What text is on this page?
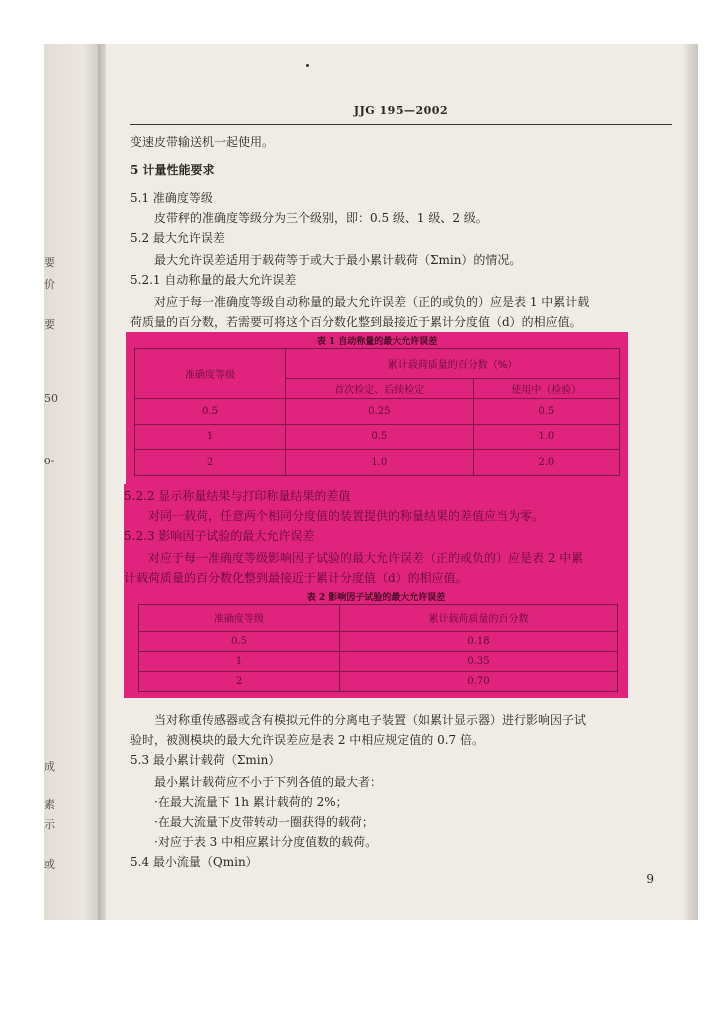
要
价
要
50
o-
成
素
示
或
JJG 195—2002
变速皮带输送机一起使用。
5 计量性能要求
5.1 准确度等级
皮带秤的准确度等级分为三个级别，即：0.5 级、1 级、2 级。
5.2 最大允许误差
最大允许误差适用于载荷等于或大于最小累计载荷（Σmin）的情况。
5.2.1 自动称量的最大允许误差
对应于每一准确度等级自动称量的最大允许误差（正的或负的）应是表 1 中累计载
荷质量的百分数，若需要可将这个百分数化整到最接近于累计分度值（d）的相应值。
表 1 自动称量的最大允许误差
准确度等级	累计载荷质量的百分数（%）	
	首次检定、后续检定	使用中（检验）
0.5	0.25	0.5
1	0.5	1.0
2	1.0	2.0
5.2.2 显示称量结果与打印称量结果的差值
对同一载荷，任意两个相同分度值的装置提供的称量结果的差值应当为零。
5.2.3 影响因子试验的最大允许误差
对应于每一准确度等级影响因子试验的最大允许误差（正的或负的）应是表 2 中累
计载荷质量的百分数化整到最接近于累计分度值（d）的相应值。
表 2 影响因子试验的最大允许误差
准确度等级	累计载荷质量的百分数
0.5	0.18
1	0.35
2	0.70
当对称重传感器或含有模拟元件的分离电子装置（如累计显示器）进行影响因子试
验时，被测模块的最大允许误差应是表 2 中相应规定值的 0.7 倍。
5.3 最小累计载荷（Σmin）
最小累计载荷应不小于下列各值的最大者：
·在最大流量下 1h 累计载荷的 2%；
·在最大流量下皮带转动一圈获得的载荷；
·对应于表 3 中相应累计分度值数的载荷。
5.4 最小流量（Qmin）
9
